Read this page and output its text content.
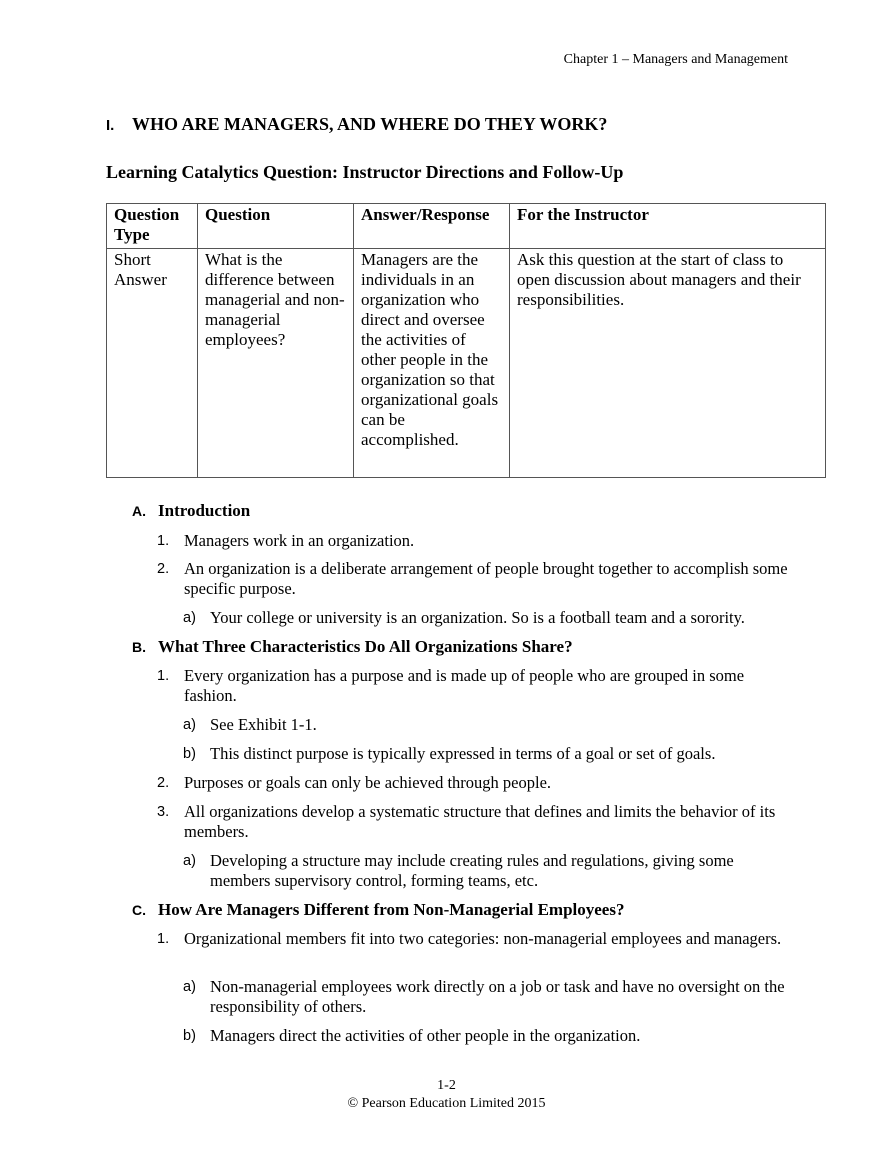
Chapter 1 – Managers and Management
I. WHO ARE MANAGERS, AND WHERE DO THEY WORK?
Learning Catalytics Question: Instructor Directions and Follow-Up
Question Type	Question	Answer/Response	For the Instructor
Short Answer	What is the difference between managerial and non-managerial employees?	Managers are the individuals in an organization who direct and oversee the activities of other people in the organization so that organizational goals can be accomplished.	Ask this question at the start of class to open discussion about managers and their responsibilities.
A. Introduction
1. Managers work in an organization.
2. An organization is a deliberate arrangement of people brought together to accomplish some specific purpose.
a) Your college or university is an organization. So is a football team and a sorority.
B. What Three Characteristics Do All Organizations Share?
1. Every organization has a purpose and is made up of people who are grouped in some fashion.
a) See Exhibit 1-1.
b) This distinct purpose is typically expressed in terms of a goal or set of goals.
2. Purposes or goals can only be achieved through people.
3. All organizations develop a systematic structure that defines and limits the behavior of its members.
a) Developing a structure may include creating rules and regulations, giving some members supervisory control, forming teams, etc.
C. How Are Managers Different from Non-Managerial Employees?
1. Organizational members fit into two categories: non-managerial employees and managers.
a) Non-managerial employees work directly on a job or task and have no oversight on the responsibility of others.
b) Managers direct the activities of other people in the organization.
1-2
© Pearson Education Limited 2015
